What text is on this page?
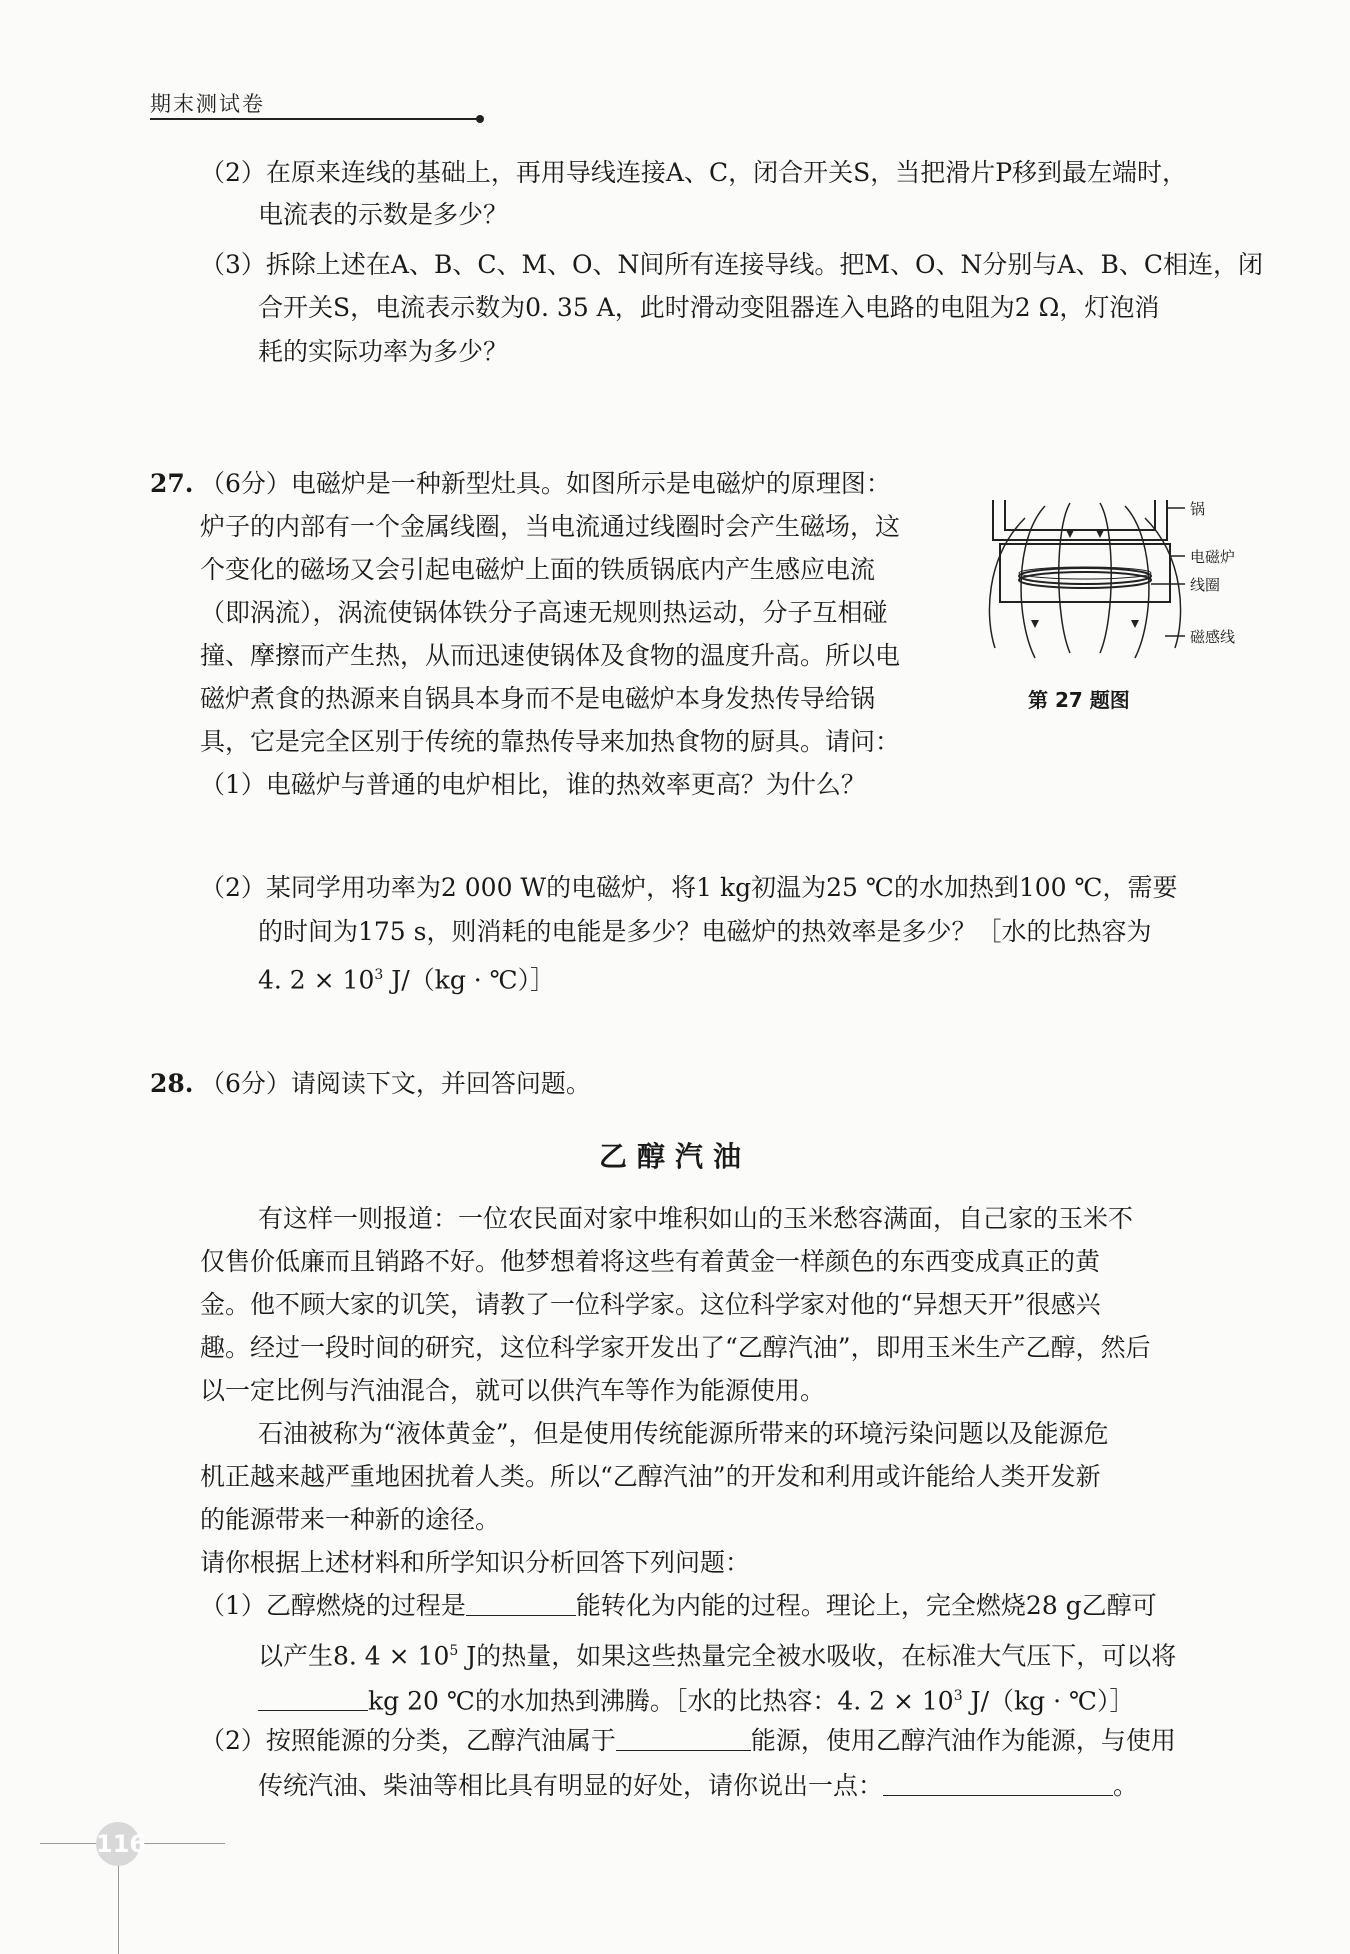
期末测试卷
（2）在原来连线的基础上，再用导线连接A、C，闭合开关S，当把滑片P移到最左端时，
电流表的示数是多少？
（3）拆除上述在A、B、C、M、O、N间所有连接导线。把M、O、N分别与A、B、C相连，闭
合开关S，电流表示数为0. 35 A，此时滑动变阻器连入电路的电阻为2 Ω，灯泡消
耗的实际功率为多少？
27. （6分）电磁炉是一种新型灶具。如图所示是电磁炉的原理图：
炉子的内部有一个金属线圈，当电流通过线圈时会产生磁场，这
个变化的磁场又会引起电磁炉上面的铁质锅底内产生感应电流
（即涡流），涡流使锅体铁分子高速无规则热运动，分子互相碰
撞、摩擦而产生热，从而迅速使锅体及食物的温度升高。所以电
磁炉煮食的热源来自锅具本身而不是电磁炉本身发热传导给锅
具，它是完全区别于传统的靠热传导来加热食物的厨具。请问：
（1）电磁炉与普通的电炉相比，谁的热效率更高？为什么？
（2）某同学用功率为2 000 W的电磁炉，将1 kg初温为25 ℃的水加热到100 ℃，需要
的时间为175 s，则消耗的电能是多少？电磁炉的热效率是多少？［水的比热容为
4. $2 \times 10^3$ J/（kg · ℃）］
锅
电磁炉
线圈
磁感线
第 27 题图
28. （6分）请阅读下文，并回答问题。
乙醇汽油
有这样一则报道：一位农民面对家中堆积如山的玉米愁容满面，自己家的玉米不
仅售价低廉而且销路不好。他梦想着将这些有着黄金一样颜色的东西变成真正的黄
金。他不顾大家的讥笑，请教了一位科学家。这位科学家对他的“异想天开”很感兴
趣。经过一段时间的研究，这位科学家开发出了“乙醇汽油”，即用玉米生产乙醇，然后
以一定比例与汽油混合，就可以供汽车等作为能源使用。
石油被称为“液体黄金”，但是使用传统能源所带来的环境污染问题以及能源危
机正越来越严重地困扰着人类。所以“乙醇汽油”的开发和利用或许能给人类开发新
的能源带来一种新的途径。
请你根据上述材料和所学知识分析回答下列问题：
（1）乙醇燃烧的过程是	能转化为内能的过程。理论上，完全燃烧28 g乙醇可
以产生8. $4 \times 10^5$ J的热量，如果这些热量完全被水吸收，在标准大气压下，可以将
kg 20 ℃的水加热到沸腾。［水的比热容：4. $2 \times 10^3$ J/（kg · ℃）］
（2）按照能源的分类，乙醇汽油属于	能源，使用乙醇汽油作为能源，与使用
传统汽油、柴油等相比具有明显的好处，请你说出一点：	。
116
